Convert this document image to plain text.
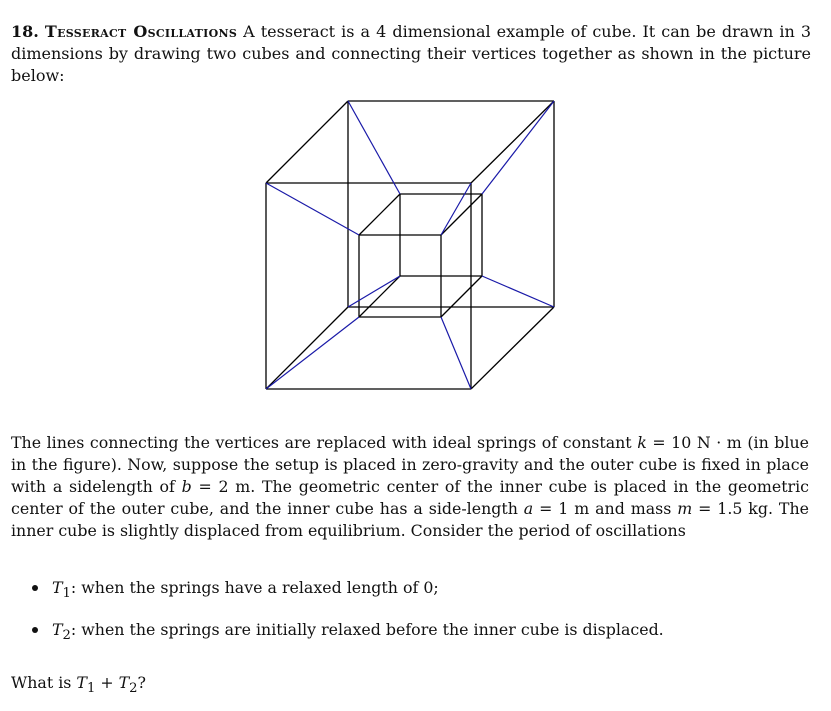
18. Tesseract Oscillations A tesseract is a 4 dimensional example of cube. It can be drawn in 3 dimensions by drawing two cubes and connecting their vertices together as shown in the picture below:

The lines connecting the vertices are replaced with ideal springs of constant k = 10 N · m (in blue in the figure). Now, suppose the setup is placed in zero-gravity and the outer cube is fixed in place with a sidelength of b = 2 m. The geometric center of the inner cube is placed in the geometric center of the outer cube, and the inner cube has a side-length a = 1 m and mass m = 1.5 kg. The inner cube is slightly displaced from equilibrium. Consider the period of oscillations

$T_1$: when the springs have a relaxed length of 0;
$T_2$: when the springs are initially relaxed before the inner cube is displaced.

What is $T_1 + T_2$?
